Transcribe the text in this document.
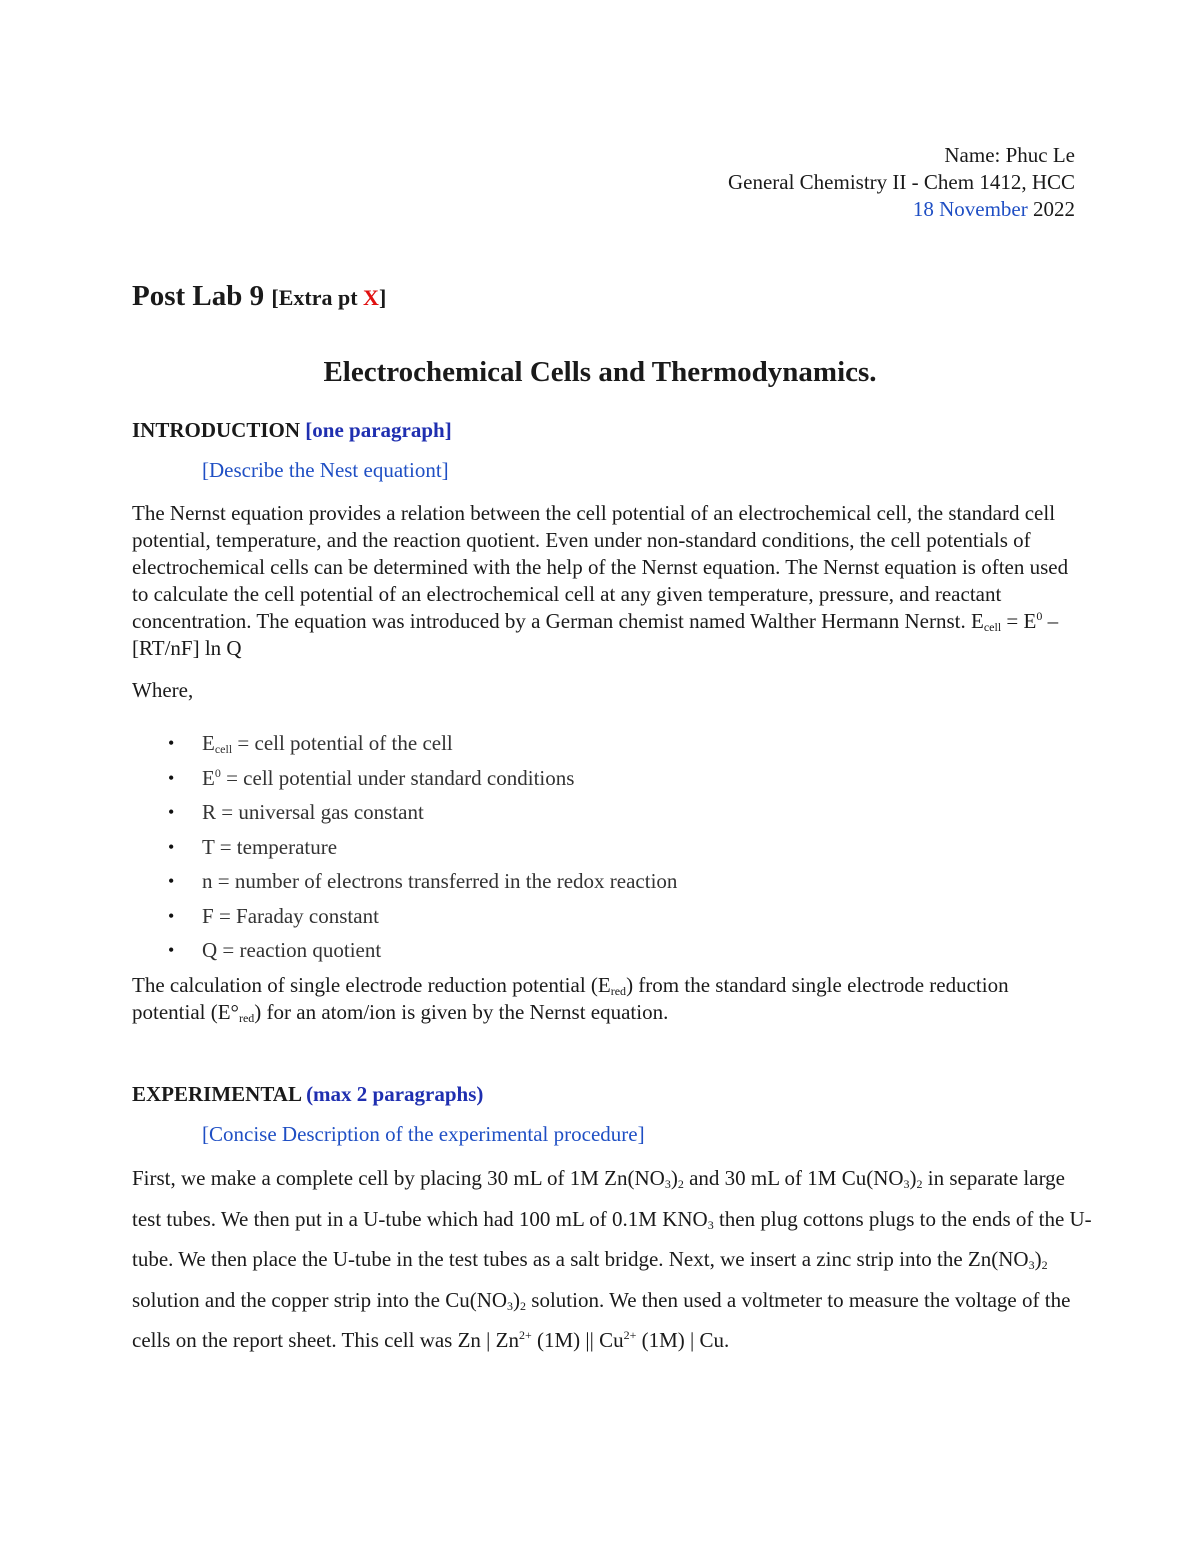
Name: Phuc Le
General Chemistry II - Chem 1412, HCC
18 November 2022
Post Lab 9 [Extra pt X]
Electrochemical Cells and Thermodynamics.
INTRODUCTION [one paragraph]
[Describe the Nest equationt]
The Nernst equation provides a relation between the cell potential of an electrochemical cell, the standard cell potential, temperature, and the reaction quotient. Even under non-standard conditions, the cell potentials of electrochemical cells can be determined with the help of the Nernst equation. The Nernst equation is often used to calculate the cell potential of an electrochemical cell at any given temperature, pressure, and reactant concentration. The equation was introduced by a German chemist named Walther Hermann Nernst. $E_{cell} = E^0 - [RT/nF]$ ln Q
Where,
• $E_{cell}$ = cell potential of the cell
• $E^0$ = cell potential under standard conditions
• R = universal gas constant
• T = temperature
• n = number of electrons transferred in the redox reaction
• F = Faraday constant
• Q = reaction quotient
The calculation of single electrode reduction potential $(E_{red})$ from the standard single electrode reduction potential $(E^\circ_{red})$ for an atom/ion is given by the Nernst equation.
EXPERIMENTAL (max 2 paragraphs)
[Concise Description of the experimental procedure]
First, we make a complete cell by placing 30 mL of 1M $Zn(NO_3)_2$ and 30 mL of 1M $Cu(NO_3)_2$ in separate large test tubes. We then put in a U-tube which had 100 mL of 0.1M $KNO_3$ then plug cottons plugs to the ends of the U-tube. We then place the U-tube in the test tubes as a salt bridge. Next, we insert a zinc strip into the $Zn(NO_3)_2$ solution and the copper strip into the $Cu(NO_3)_2$ solution. We then used a voltmeter to measure the voltage of the cells on the report sheet. This cell was Zn | $Zn^{2+}$ (1M) || $Cu^{2+}$ (1M) | Cu.
